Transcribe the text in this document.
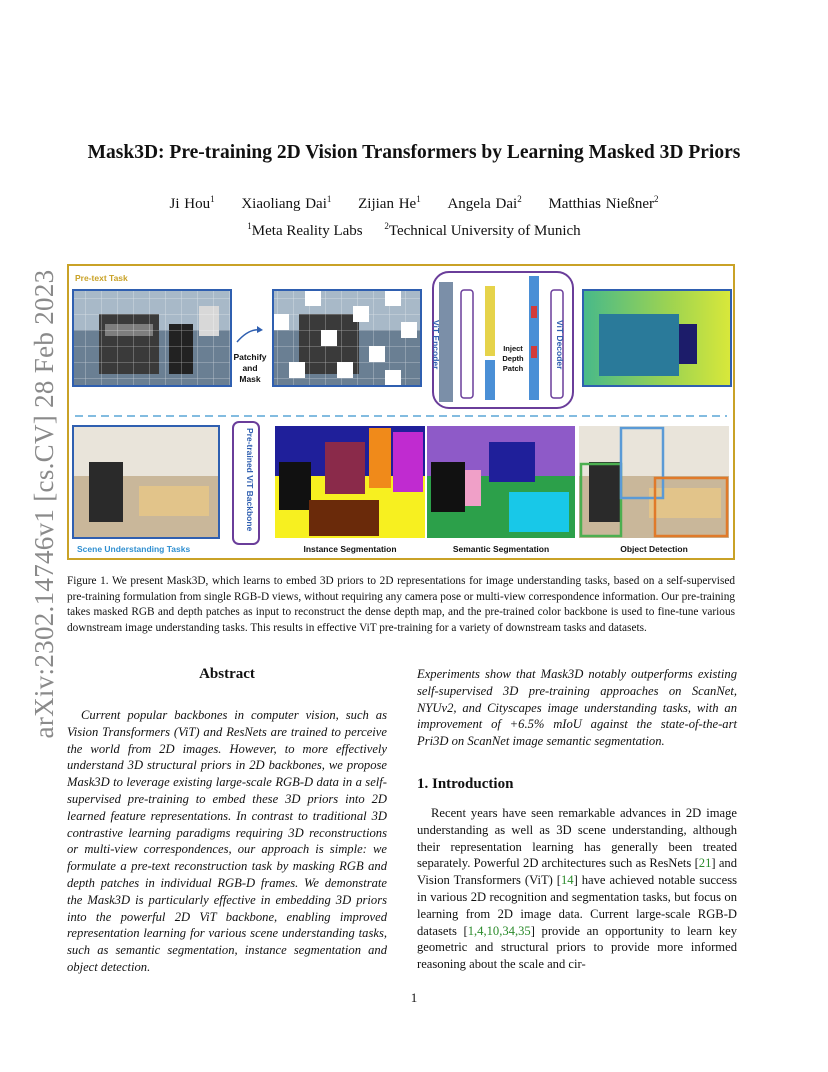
arXiv:2302.14746v1 [cs.CV] 28 Feb 2023
Mask3D: Pre-training 2D Vision Transformers by Learning Masked 3D Priors
Ji Hou$^1$ Xiaoliang Dai$^1$ Zijian He$^1$ Angela Dai$^2$ Matthias Nießner$^2$
$^1$Meta Reality Labs $^2$Technical University of Munich
Pre-text Task
Patchify
and
Mask
ViT Encoder	ViT Decoder
Inject
Depth
Patch
Pre-trained ViT Backbone
Scene Understanding Tasks	Instance Segmentation	Semantic Segmentation	Object Detection
Figure 1. We present Mask3D, which learns to embed 3D priors to 2D representations for image understanding tasks, based on a self-supervised pre-training formulation from single RGB-D views, without requiring any camera pose or multi-view correspondence information. Our pre-training takes masked RGB and depth patches as input to reconstruct the dense depth map, and the pre-trained color backbone is used to fine-tune various downstream image understanding tasks. This results in effective ViT pre-training for a variety of downstream tasks and datasets.
Abstract
Current popular backbones in computer vision, such as Vision Transformers (ViT) and ResNets are trained to perceive the world from 2D images. However, to more effectively understand 3D structural priors in 2D backbones, we propose Mask3D to leverage existing large-scale RGB-D data in a self-supervised pre-training to embed these 3D priors into 2D learned feature representations. In contrast to traditional 3D contrastive learning paradigms requiring 3D reconstructions or multi-view correspondences, our approach is simple: we formulate a pre-text reconstruction task by masking RGB and depth patches in individual RGB-D frames. We demonstrate the Mask3D is particularly effective in embedding 3D priors into the powerful 2D ViT backbone, enabling improved representation learning for various scene understanding tasks, such as semantic segmentation, instance segmentation and object detection.
Experiments show that Mask3D notably outperforms existing self-supervised 3D pre-training approaches on ScanNet, NYUv2, and Cityscapes image understanding tasks, with an improvement of +6.5% mIoU against the state-of-the-art Pri3D on ScanNet image semantic segmentation.
1. Introduction
Recent years have seen remarkable advances in 2D image understanding as well as 3D scene understanding, although their representation learning has generally been treated separately. Powerful 2D architectures such as ResNets [21] and Vision Transformers (ViT) [14] have achieved notable success in various 2D recognition and segmentation tasks, but focus on learning from 2D image data. Current large-scale RGB-D datasets [1,4,10,34,35] provide an opportunity to learn key geometric and structural priors to provide more informed reasoning about the scale and cir-
1
